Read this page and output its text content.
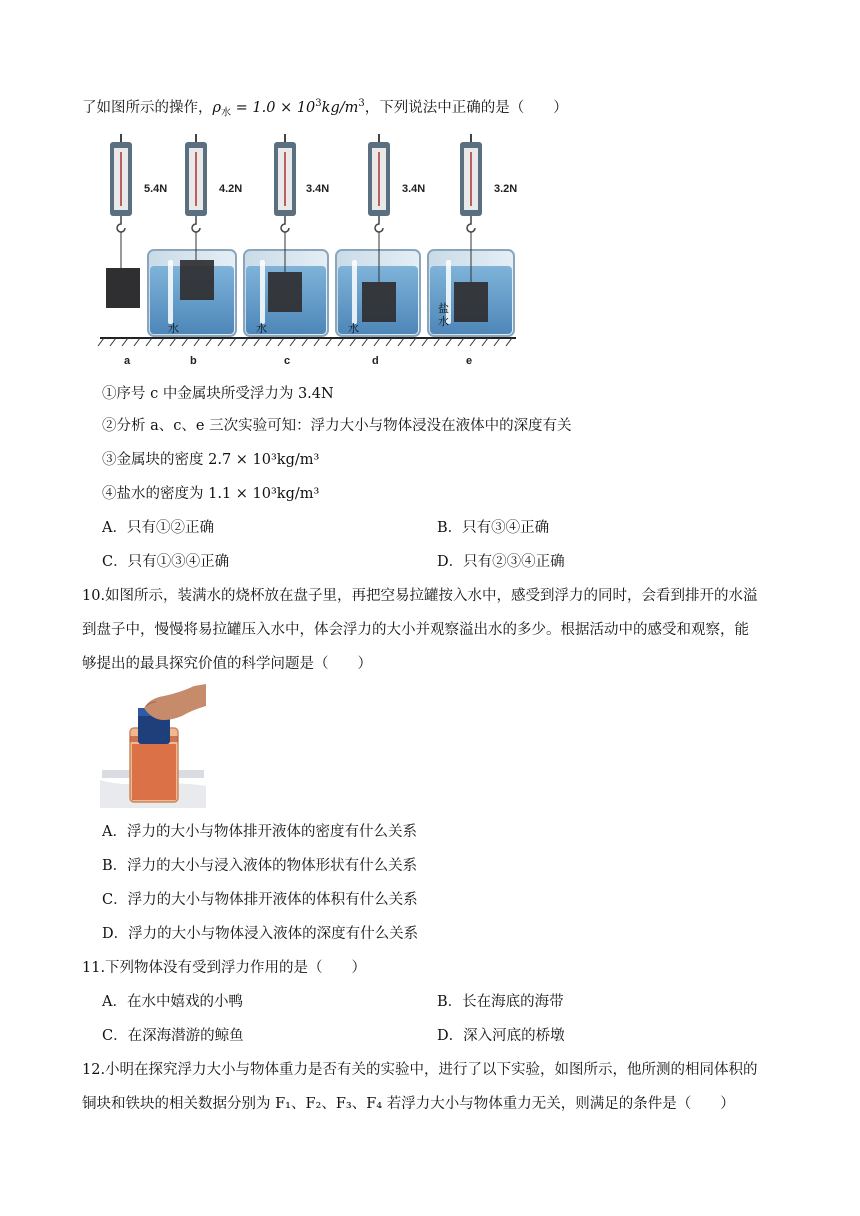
了如图所示的操作，$\rho_水 = 1.0 \times 10^3kg/m^3$，下列说法中正确的是（　　）
5.4N	4.2N
水
3.4N
水
3.4N
水
3.2N
盐水
a	b	c	d	e
①序号 c 中金属块所受浮力为 3.4N
②分析 a、c、e 三次实验可知：浮力大小与物体浸没在液体中的深度有关
③金属块的密度 2.7 × 10³kg/m³
④盐水的密度为 1.1 × 10³kg/m³
A．只有①②正确	B．只有③④正确
C．只有①③④正确	D．只有②③④正确
10.如图所示，装满水的烧杯放在盘子里，再把空易拉罐按入水中，感受到浮力的同时，会看到排开的水溢
到盘子中，慢慢将易拉罐压入水中，体会浮力的大小并观察溢出水的多少。根据活动中的感受和观察，能
够提出的最具探究价值的科学问题是（　　）
A．浮力的大小与物体排开液体的密度有什么关系
B．浮力的大小与浸入液体的物体形状有什么关系
C．浮力的大小与物体排开液体的体积有什么关系
D．浮力的大小与物体浸入液体的深度有什么关系
11.下列物体没有受到浮力作用的是（　　）
A．在水中嬉戏的小鸭	B．长在海底的海带
C．在深海潜游的鲸鱼	D．深入河底的桥墩
12.小明在探究浮力大小与物体重力是否有关的实验中，进行了以下实验，如图所示，他所测的相同体积的
铜块和铁块的相关数据分别为 F₁、F₂、F₃、F₄ 若浮力大小与物体重力无关，则满足的条件是（　　）
